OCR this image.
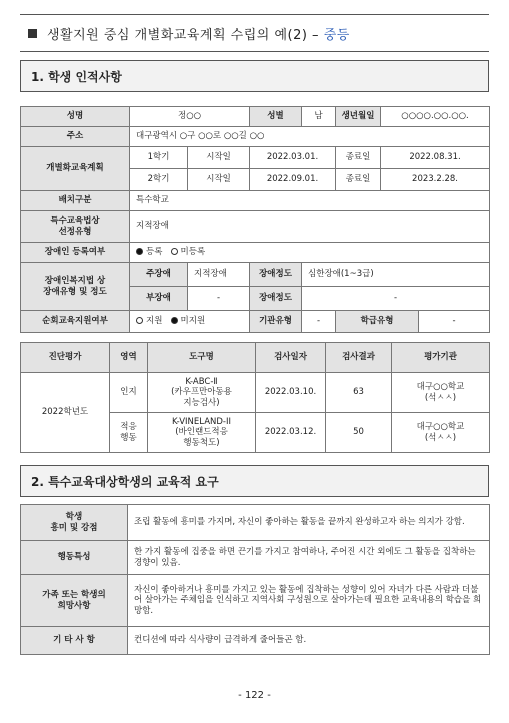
생활지원 중심 개별화교육계획 수립의 예(2) –
중등
1. 학생 인적사항
성명	정○○		성별	남	생년월일	○○○○.○○.○○.	
주소	대구광역시 ○구 ○○로 ○○길 ○○						
개별화교육계획	1학기	시작일	2022.03.01.		종료일	2022.08.31.	
	2학기	시작일	2022.09.01.		종료일	2023.2.28.	
배치구분	특수학교						
특수교육법상
선정유형	지적장애						
장애인 등록여부	등록 미등록						
장애인복지법 상
장애유형 및 정도	주장애	지적장애	장애정도	심한장애(1~3급)			
	부장애	-	장애정도	-			
순회교육지원여부	지원 미지원		기관유형	-	학급유형		-
진단평가	영역	도구명	검사일자	검사결과	평가기관
2022학년도	인지	K-ABC-Ⅱ
(카우프만아동용
지능검사)	2022.03.10.	63	대구○○학교
(석ㅅㅅ)
	적응
행동	K-VINELAND-II
(바인랜드적응
행동척도)	2022.03.12.	50	대구○○학교
(석ㅅㅅ)
2. 특수교육대상학생의 교육적 요구
학생
흥미 및 강점	조립 활동에 흥미를 가지며, 자신이 좋아하는 활동을 끝까지 완성하고자 하는 의지가 강함.
행동특성	한 가지 활동에 집중을 하면 끈기를 가지고 참여하나, 주어진 시간 외에도 그 활동을 집착하는 경향이 있음.
가족 또는 학생의
희망사항	자신이 좋아하거나 흥미를 가지고 있는 활동에 집착하는 성향이 있어 자녀가 다른 사람과 더불어 살아가는 주체임을 인식하고 지역사회 구성원으로 살아가는데 필요한 교육내용의 학습을 희망함.
기 타 사 항	컨디션에 따라 식사량이 급격하게 줄어들곤 함.
- 122 -
